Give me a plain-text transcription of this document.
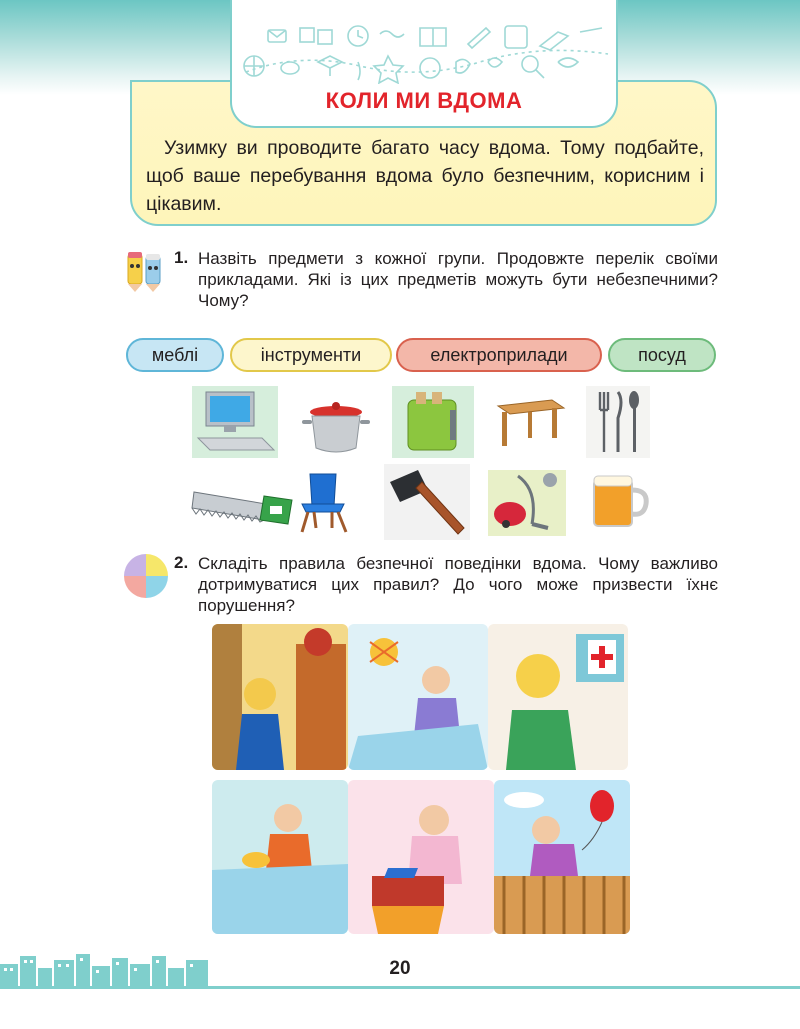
КОЛИ МИ ВДОМА
Узимку ви проводите багато часу вдома. Тому подбайте, щоб ваше перебування вдома було безпечним, корисним і цікавим.
1. Назвіть предмети з кожної групи. Продовжте перелік своїми прикладами. Які із цих предметів можуть бути небезпечними? Чому?
меблі	інструменти	електроприлади	посуд
2. Складіть правила безпечної поведінки вдома. Чому важливо дотримуватися цих правил? До чого може призвести їхнє порушення?
20
